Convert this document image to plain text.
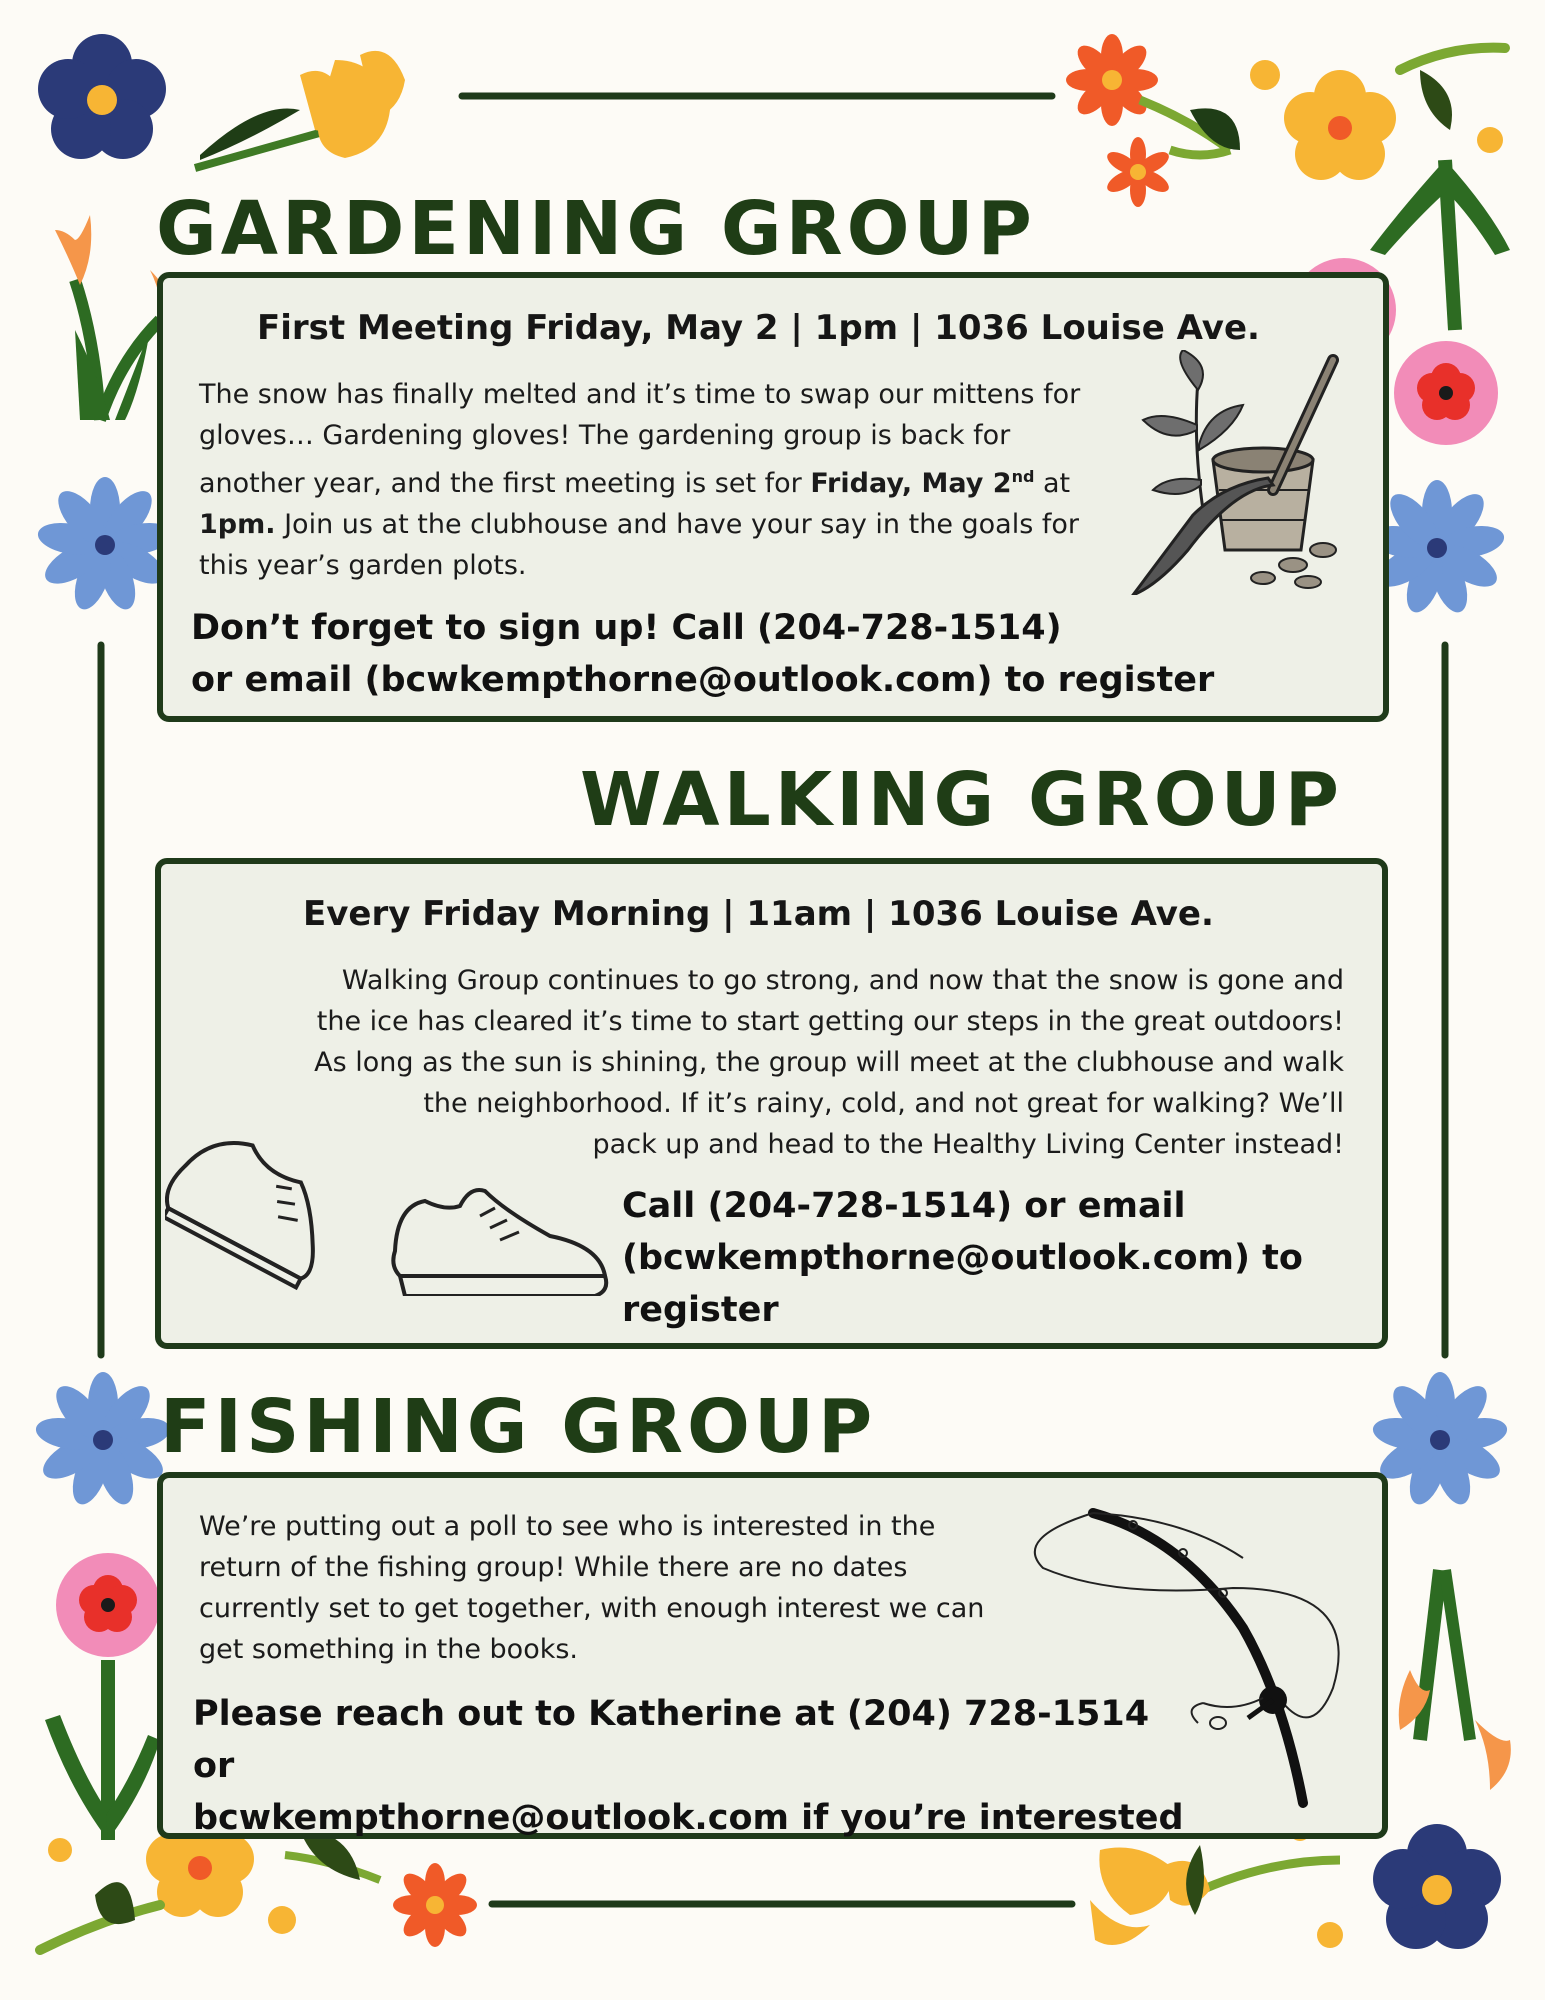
GARDENING GROUP

First Meeting Friday, May 2 | 1pm | 1036 Louise Ave.

The snow has finally melted and it’s time to swap our mittens for gloves… Gardening gloves! The gardening group is back for another year, and the first meeting is set for Friday, May 2nd at 1pm. Join us at the clubhouse and have your say in the goals for this year’s garden plots.

Don’t forget to sign up! Call (204-728-1514)
or email (bcwkempthorne@outlook.com) to register

WALKING GROUP

Every Friday Morning | 11am | 1036 Louise Ave.

Walking Group continues to go strong, and now that the snow is gone and
the ice has cleared it’s time to start getting our steps in the great outdoors!
As long as the sun is shining, the group will meet at the clubhouse and walk
the neighborhood. If it’s rainy, cold, and not great for walking? We’ll
pack up and head to the Healthy Living Center instead!
Call (204-728-1514) or email
(bcwkempthorne@outlook.com) to
register
FISHING GROUP
We’re putting out a poll to see who is interested in the
return of the fishing group! While there are no dates
currently set to get together, with enough interest we can
get something in the books.
Please reach out to Katherine at (204) 728-1514 or
bcwkempthorne@outlook.com if you’re interested
